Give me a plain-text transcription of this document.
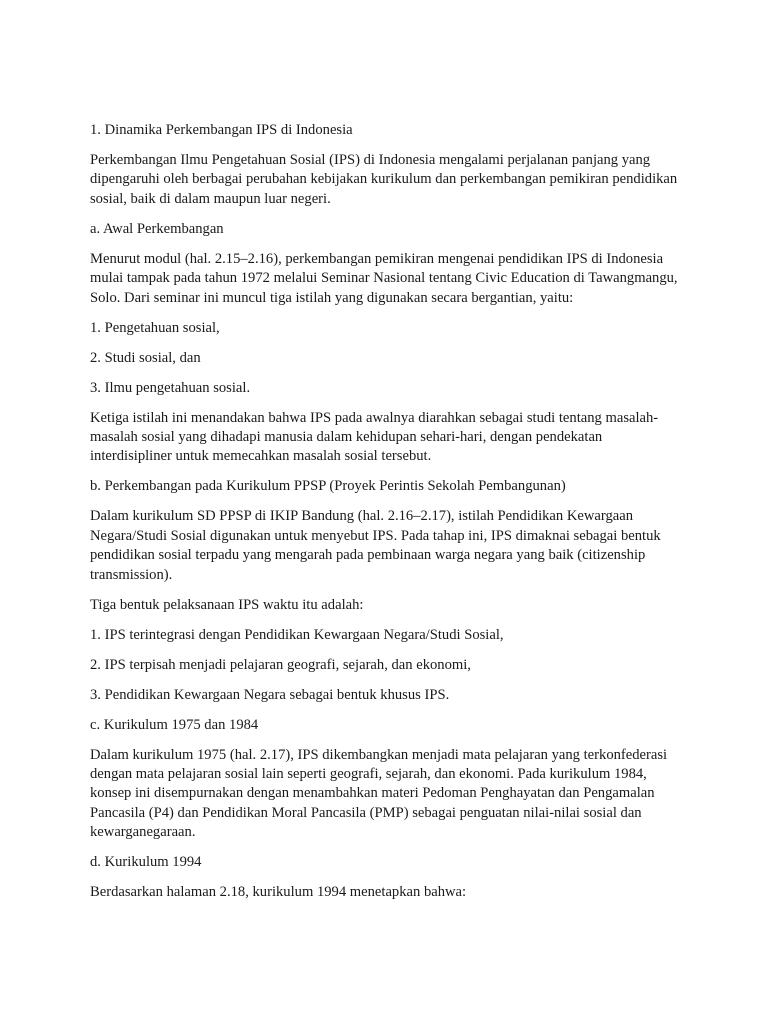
1. Dinamika Perkembangan IPS di Indonesia

Perkembangan Ilmu Pengetahuan Sosial (IPS) di Indonesia mengalami perjalanan panjang yang dipengaruhi oleh berbagai perubahan kebijakan kurikulum dan perkembangan pemikiran pendidikan sosial, baik di dalam maupun luar negeri.

a. Awal Perkembangan

Menurut modul (hal. 2.15–2.16), perkembangan pemikiran mengenai pendidikan IPS di Indonesia mulai tampak pada tahun 1972 melalui Seminar Nasional tentang Civic Education di Tawangmangu, Solo. Dari seminar ini muncul tiga istilah yang digunakan secara bergantian, yaitu:

1. Pengetahuan sosial,

2. Studi sosial, dan

3. Ilmu pengetahuan sosial.

Ketiga istilah ini menandakan bahwa IPS pada awalnya diarahkan sebagai studi tentang masalah-masalah sosial yang dihadapi manusia dalam kehidupan sehari-hari, dengan pendekatan interdisipliner untuk memecahkan masalah sosial tersebut.

b. Perkembangan pada Kurikulum PPSP (Proyek Perintis Sekolah Pembangunan)

Dalam kurikulum SD PPSP di IKIP Bandung (hal. 2.16–2.17), istilah Pendidikan Kewargaan Negara/Studi Sosial digunakan untuk menyebut IPS. Pada tahap ini, IPS dimaknai sebagai bentuk pendidikan sosial terpadu yang mengarah pada pembinaan warga negara yang baik (citizenship transmission).

Tiga bentuk pelaksanaan IPS waktu itu adalah:

1. IPS terintegrasi dengan Pendidikan Kewargaan Negara/Studi Sosial,

2. IPS terpisah menjadi pelajaran geografi, sejarah, dan ekonomi,

3. Pendidikan Kewargaan Negara sebagai bentuk khusus IPS.

c. Kurikulum 1975 dan 1984

Dalam kurikulum 1975 (hal. 2.17), IPS dikembangkan menjadi mata pelajaran yang terkonfederasi dengan mata pelajaran sosial lain seperti geografi, sejarah, dan ekonomi. Pada kurikulum 1984, konsep ini disempurnakan dengan menambahkan materi Pedoman Penghayatan dan Pengamalan Pancasila (P4) dan Pendidikan Moral Pancasila (PMP) sebagai penguatan nilai-nilai sosial dan kewarganegaraan.

d. Kurikulum 1994

Berdasarkan halaman 2.18, kurikulum 1994 menetapkan bahwa:
